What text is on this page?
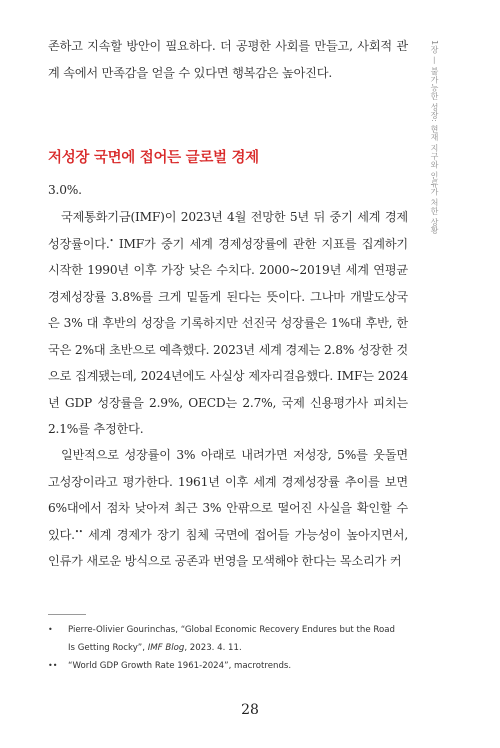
1장 — 불가능한 성장: 현재 지구와 인류가 처한 상황

존하고 지속할 방안이 필요하다. 더 공평한 사회를 만들고, 사회적 관계 속에서 만족감을 얻을 수 있다면 행복감은 높아진다.

저성장 국면에 접어든 글로벌 경제

3.0%.

국제통화기금(IMF)이 2023년 4월 전망한 5년 뒤 중기 세계 경제성장률이다.• IMF가 중기 세계 경제성장률에 관한 지표를 집계하기 시작한 1990년 이후 가장 낮은 수치다. 2000~2019년 세계 연평균 경제성장률 3.8%를 크게 밑돌게 된다는 뜻이다. 그나마 개발도상국은 3% 대 후반의 성장을 기록하지만 선진국 성장률은 1%대 후반, 한국은 2%대 초반으로 예측했다. 2023년 세계 경제는 2.8% 성장한 것으로 집계됐는데, 2024년에도 사실상 제자리걸음했다. IMF는 2024년 GDP 성장률을 2.9%, OECD는 2.7%, 국제 신용평가사 피치는 2.1%를 추정한다.

일반적으로 성장률이 3% 아래로 내려가면 저성장, 5%를 웃돌면 고성장이라고 평가한다. 1961년 이후 세계 경제성장률 추이를 보면 6%대에서 점차 낮아져 최근 3% 안팎으로 떨어진 사실을 확인할 수 있다.•• 세계 경제가 장기 침체 국면에 접어들 가능성이 높아지면서, 인류가 새로운 방식으로 공존과 번영을 모색해야 한다는 목소리가 커

• Pierre-Olivier Gourinchas, “Global Economic Recovery Endures but the Road Is Getting Rocky”, IMF Blog, 2023. 4. 11.

•• “World GDP Growth Rate 1961-2024”, macrotrends.

28
